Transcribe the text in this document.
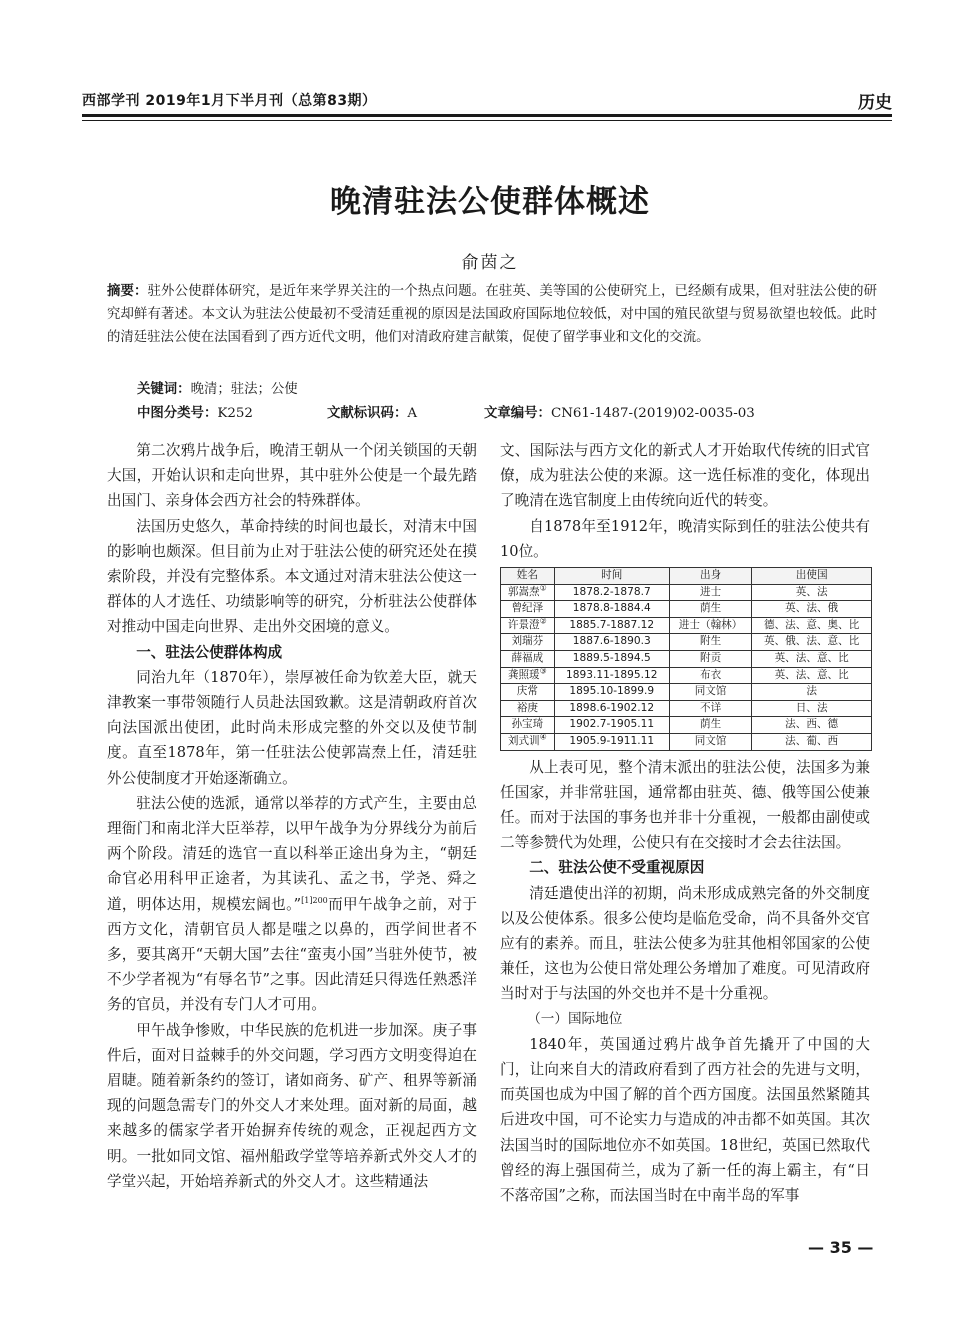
西部学刊 2019年1月下半月刊（总第83期）	历史
晚清驻法公使群体概述
俞茵之
摘要：驻外公使群体研究，是近年来学界关注的一个热点问题。在驻英、美等国的公使研究上，已经颇有成果，但对驻法公使的研究却鲜有著述。本文认为驻法公使最初不受清廷重视的原因是法国政府国际地位较低，对中国的殖民欲望与贸易欲望也较低。此时的清廷驻法公使在法国看到了西方近代文明，他们对清政府建言献策，促使了留学事业和文化的交流。
关键词：晚清；驻法；公使
中图分类号：K252	文献标识码：A	文章编号：CN61-1487-(2019)02-0035-03

第二次鸦片战争后，晚清王朝从一个闭关锁国的天朝大国，开始认识和走向世界，其中驻外公使是一个最先踏出国门、亲身体会西方社会的特殊群体。

法国历史悠久，革命持续的时间也最长，对清末中国的影响也颇深。但目前为止对于驻法公使的研究还处在摸索阶段，并没有完整体系。本文通过对清末驻法公使这一群体的人才选任、功绩影响等的研究，分析驻法公使群体对推动中国走向世界、走出外交困境的意义。

一、驻法公使群体构成

同治九年（1870年），崇厚被任命为钦差大臣，就天津教案一事带领随行人员赴法国致歉。这是清朝政府首次向法国派出使团，此时尚未形成完整的外交以及使节制度。直至1878年，第一任驻法公使郭嵩焘上任，清廷驻外公使制度才开始逐渐确立。

驻法公使的选派，通常以举荐的方式产生，主要由总理衙门和南北洋大臣举荐，以甲午战争为分界线分为前后两个阶段。清廷的选官一直以科举正途出身为主，“朝廷命官必用科甲正途者，为其读孔、孟之书，学尧、舜之道，明体达用，规模宏阔也。”$^{[1]200}$而甲午战争之前，对于西方文化，清朝官员人都是嗤之以鼻的，西学间世者不多，要其离开“天朝大国”去往“蛮夷小国”当驻外使节，被不少学者视为“有辱名节”之事。因此清廷只得选任熟悉洋务的官员，并没有专门人才可用。

甲午战争惨败，中华民族的危机进一步加深。庚子事件后，面对日益棘手的外交问题，学习西方文明变得迫在眉睫。随着新条约的签订，诸如商务、矿产、租界等新涌现的问题急需专门的外交人才来处理。面对新的局面，越来越多的儒家学者开始摒弃传统的观念，正视起西方文明。一批如同文馆、福州船政学堂等培养新式外交人才的学堂兴起，开始培养新式的外交人才。这些精通法

文、国际法与西方文化的新式人才开始取代传统的旧式官僚，成为驻法公使的来源。这一选任标准的变化，体现出了晚清在选官制度上由传统向近代的转变。

自1878年至1912年，晚清实际到任的驻法公使共有10位。

姓名	时间	出身	出使国
郭嵩焘①	1878.2-1878.7	进士	英、法
曾纪泽	1878.8-1884.4	荫生	英、法、俄
许景澄②	1885.7-1887.12	进士（翰林）	德、法、意、奥、比
刘瑞芬	1887.6-1890.3	附生	英、俄、法、意、比
薛福成	1889.5-1894.5	附贡	英、法、意、比
龚照瑗③	1893.11-1895.12	布衣	英、法、意、比
庆常	1895.10-1899.9	同文馆	法
裕庚	1898.6-1902.12	不详	日、法
孙宝琦	1902.7-1905.11	荫生	法、西、德
刘式训④	1905.9-1911.11	同文馆	法、葡、西

从上表可见，整个清末派出的驻法公使，法国多为兼任国家，并非常驻国，通常都由驻英、德、俄等国公使兼任。而对于法国的事务也并非十分重视，一般都由副使或二等参赞代为处理，公使只有在交接时才会去往法国。

二、驻法公使不受重视原因

清廷遣使出洋的初期，尚未形成成熟完备的外交制度以及公使体系。很多公使均是临危受命，尚不具备外交官应有的素养。而且，驻法公使多为驻其他相邻国家的公使兼任，这也为公使日常处理公务增加了难度。可见清政府当时对于与法国的外交也并不是十分重视。

（一）国际地位

1840年，英国通过鸦片战争首先撬开了中国的大门，让向来自大的清政府看到了西方社会的先进与文明，而英国也成为中国了解的首个西方国度。法国虽然紧随其后进攻中国，可不论实力与造成的冲击都不如英国。其次法国当时的国际地位亦不如英国。18世纪，英国已然取代曾经的海上强国荷兰，成为了新一任的海上霸主，有“日不落帝国”之称，而法国当时在中南半岛的军事

— 35 —
